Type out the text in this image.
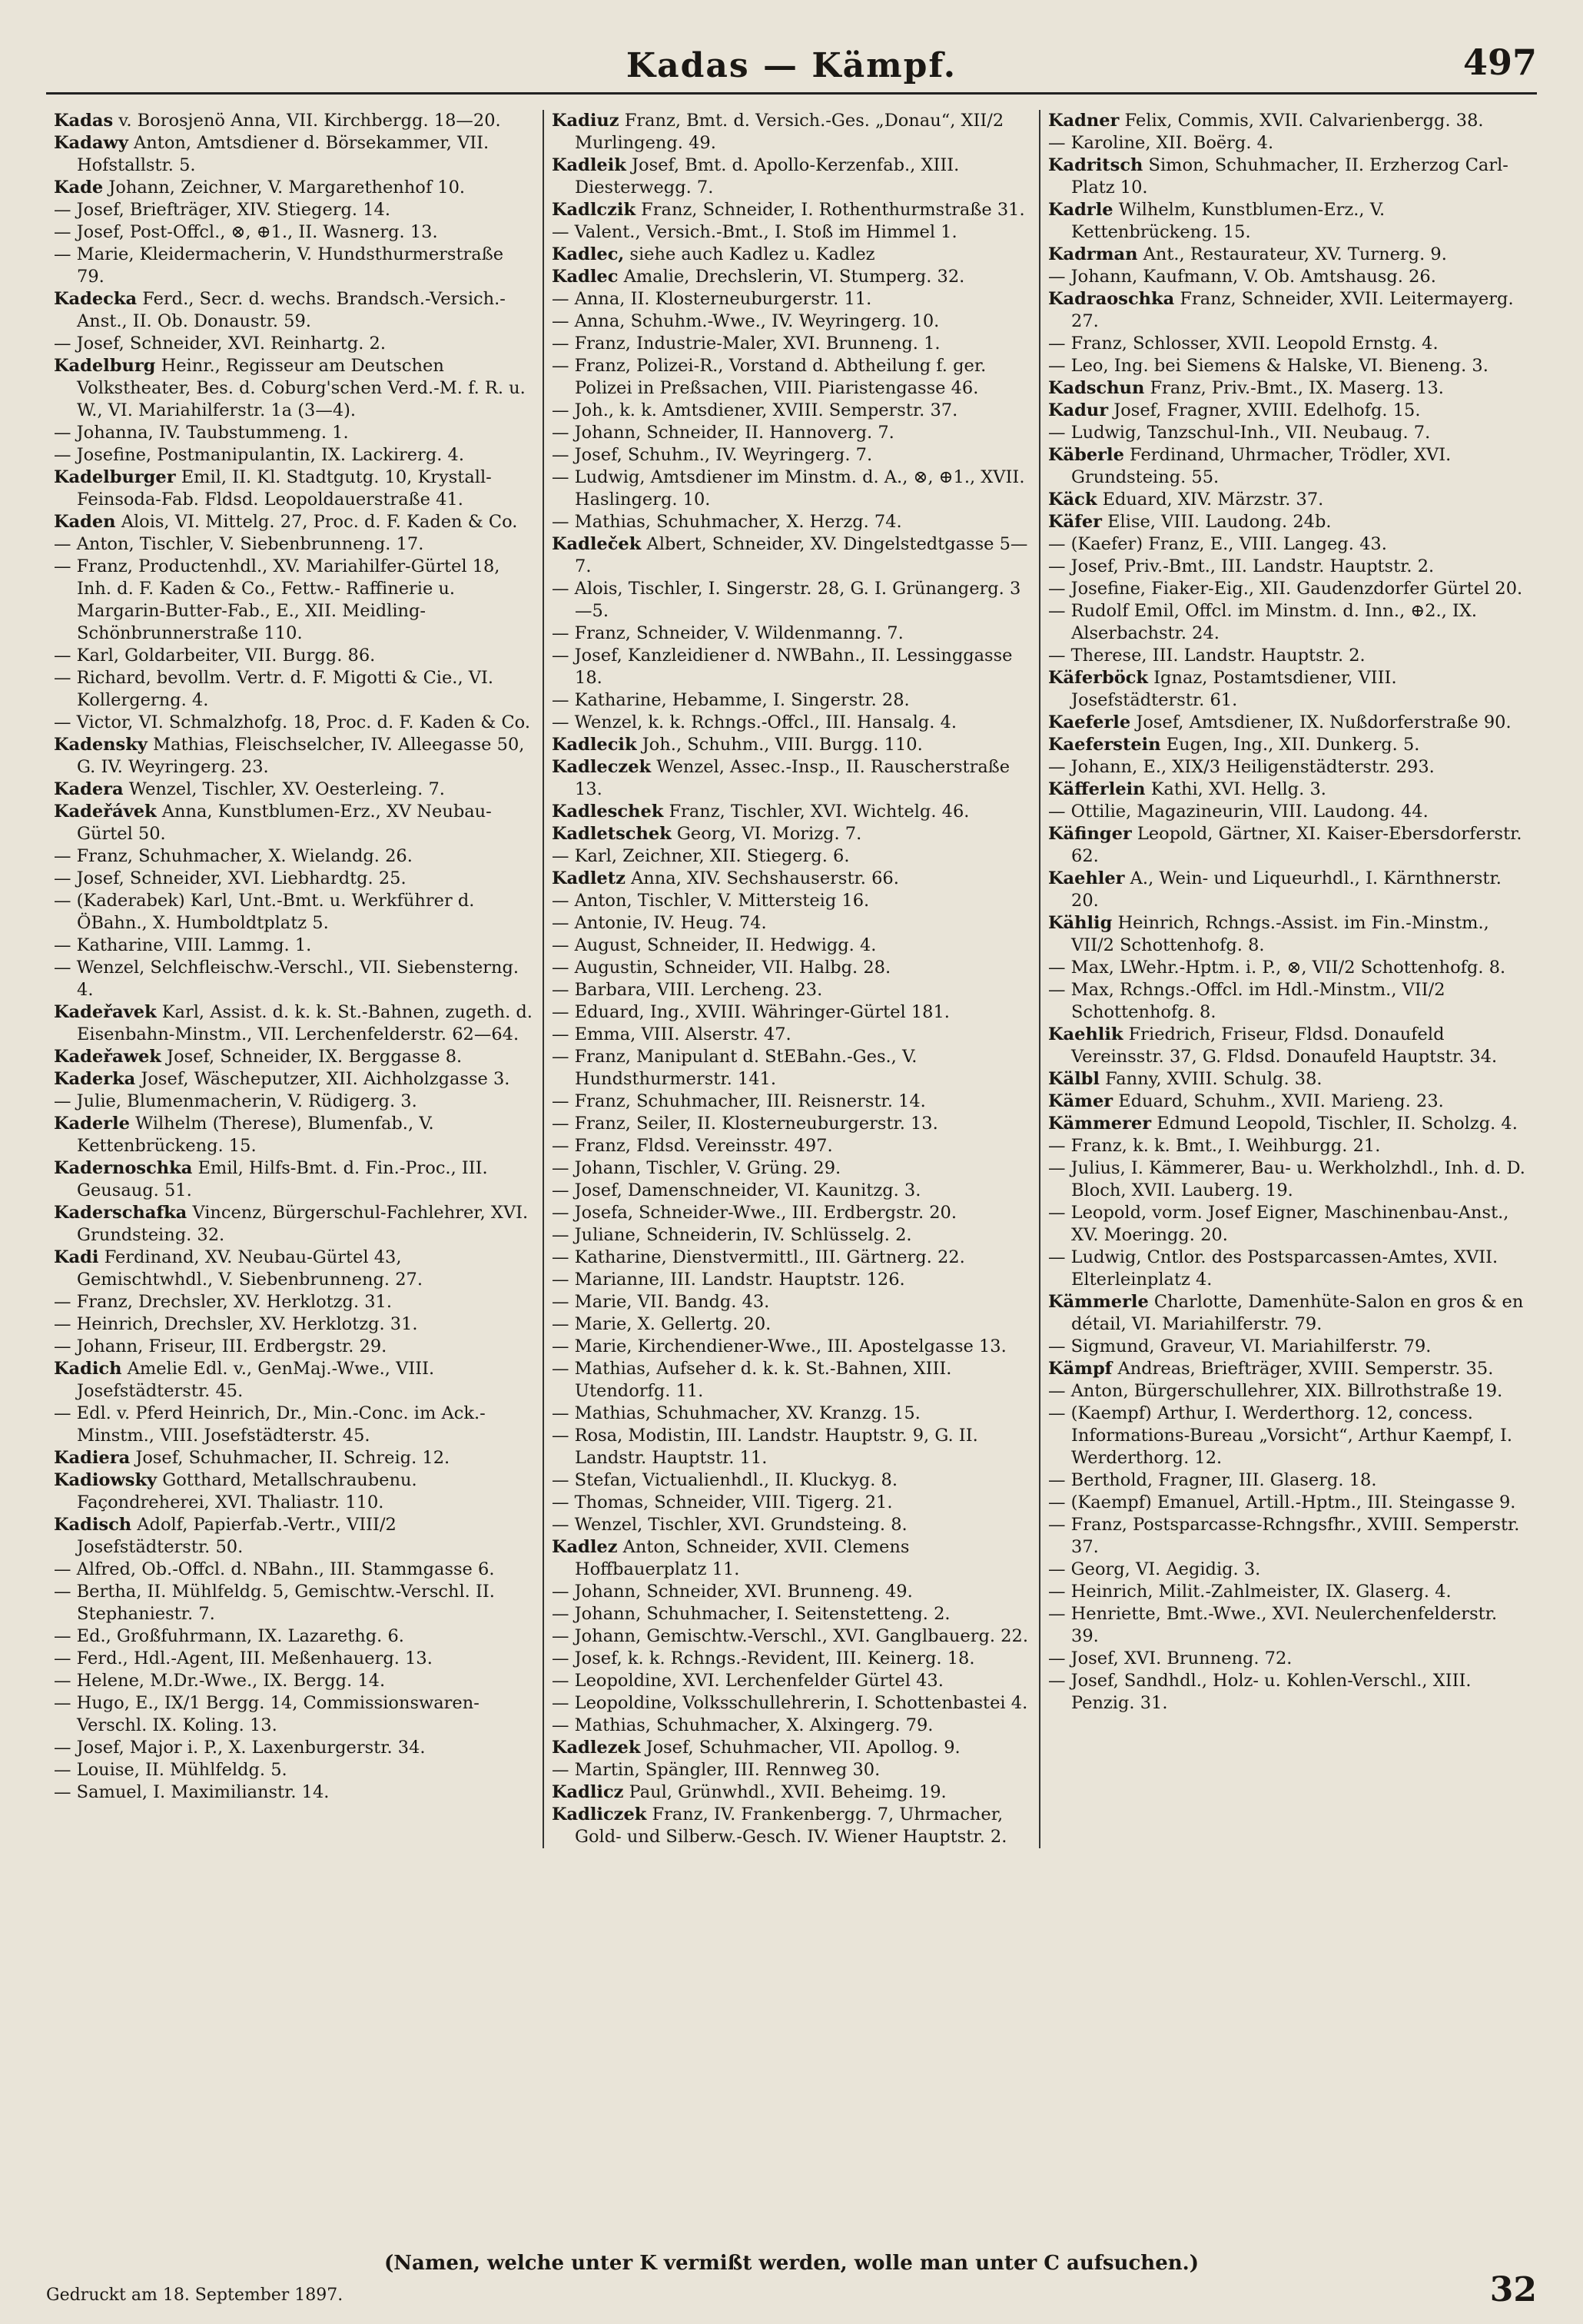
Kadas — Kämpf.	497

Kadas v. Borosjenö Anna, VII. Kirchbergg. 18—20.

Kadawy Anton, Amtsdiener d. Börsekammer, VII. Hofstallstr. 5.

Kade Johann, Zeichner, V. Margarethenhof 10.

— Josef, Briefträger, XIV. Stiegerg. 14.

— Josef, Post-Offcl., ⊗, ⊕1., II. Wasnerg. 13.

— Marie, Kleidermacherin, V. Hundsthurmerstraße 79.

Kadecka Ferd., Secr. d. wechs. Brandsch.-Versich.-Anst., II. Ob. Donaustr. 59.

— Josef, Schneider, XVI. Reinhartg. 2.

Kadelburg Heinr., Regisseur am Deutschen Volkstheater, Bes. d. Coburg'schen Verd.-M. f. R. u. W., VI. Mariahilferstr. 1a (3—4).

— Johanna, IV. Taubstummeng. 1.

— Josefine, Postmanipulantin, IX. Lackirerg. 4.

Kadelburger Emil, II. Kl. Stadtgutg. 10, Krystall-Feinsoda-Fab. Fldsd. Leopoldauerstraße 41.

Kaden Alois, VI. Mittelg. 27, Proc. d. F. Kaden & Co.

— Anton, Tischler, V. Siebenbrunneng. 17.

— Franz, Productenhdl., XV. Mariahilfer-Gürtel 18, Inh. d. F. Kaden & Co., Fettw.- Raffinerie u. Margarin-Butter-Fab., E., XII. Meidling-Schönbrunnerstraße 110.

— Karl, Goldarbeiter, VII. Burgg. 86.

— Richard, bevollm. Vertr. d. F. Migotti & Cie., VI. Kollergerng. 4.

— Victor, VI. Schmalzhofg. 18, Proc. d. F. Kaden & Co.

Kadensky Mathias, Fleischselcher, IV. Alleegasse 50, G. IV. Weyringerg. 23.

Kadera Wenzel, Tischler, XV. Oesterleing. 7.

Kadeřávek Anna, Kunstblumen-Erz., XV Neubau-Gürtel 50.

— Franz, Schuhmacher, X. Wielandg. 26.

— Josef, Schneider, XVI. Liebhardtg. 25.

— (Kaderabek) Karl, Unt.-Bmt. u. Werkführer d. ÖBahn., X. Humboldtplatz 5.

— Katharine, VIII. Lammg. 1.

— Wenzel, Selchfleischw.-Verschl., VII. Siebensterng. 4.

Kadeřavek Karl, Assist. d. k. k. St.-Bahnen, zugeth. d. Eisenbahn-Minstm., VII. Lerchenfelderstr. 62—64.

Kadeřawek Josef, Schneider, IX. Berggasse 8.

Kaderka Josef, Wäscheputzer, XII. Aichholzgasse 3.

— Julie, Blumenmacherin, V. Rüdigerg. 3.

Kaderle Wilhelm (Therese), Blumenfab., V. Kettenbrückeng. 15.

Kadernoschka Emil, Hilfs-Bmt. d. Fin.-Proc., III. Geusaug. 51.

Kaderschafka Vincenz, Bürgerschul-Fachlehrer, XVI. Grundsteing. 32.

Kadi Ferdinand, XV. Neubau-Gürtel 43, Gemischtwhdl., V. Siebenbrunneng. 27.

— Franz, Drechsler, XV. Herklotzg. 31.

— Heinrich, Drechsler, XV. Herklotzg. 31.

— Johann, Friseur, III. Erdbergstr. 29.

Kadich Amelie Edl. v., GenMaj.-Wwe., VIII. Josefstädterstr. 45.

— Edl. v. Pferd Heinrich, Dr., Min.-Conc. im Ack.-Minstm., VIII. Josefstädterstr. 45.

Kadiera Josef, Schuhmacher, II. Schreig. 12.

Kadiowsky Gotthard, Metallschraubenu. Façondreherei, XVI. Thaliastr. 110.

Kadisch Adolf, Papierfab.-Vertr., VIII/2 Josefstädterstr. 50.

— Alfred, Ob.-Offcl. d. NBahn., III. Stammgasse 6.

— Bertha, II. Mühlfeldg. 5, Gemischtw.-Verschl. II. Stephaniestr. 7.

— Ed., Großfuhrmann, IX. Lazarethg. 6.

— Ferd., Hdl.-Agent, III. Meßenhauerg. 13.

— Helene, M.Dr.-Wwe., IX. Bergg. 14.

— Hugo, E., IX/1 Bergg. 14, Commissionswaren-Verschl. IX. Koling. 13.

— Josef, Major i. P., X. Laxenburgerstr. 34.

— Louise, II. Mühlfeldg. 5.

— Samuel, I. Maximilianstr. 14.

Kadiuz Franz, Bmt. d. Versich.-Ges. „Donau“, XII/2 Murlingeng. 49.

Kadleik Josef, Bmt. d. Apollo-Kerzenfab., XIII. Diesterwegg. 7.

Kadlczik Franz, Schneider, I. Rothenthurmstraße 31.

— Valent., Versich.-Bmt., I. Stoß im Himmel 1.

Kadlec, siehe auch Kadlez u. Kadlez

Kadlec Amalie, Drechslerin, VI. Stumperg. 32.

— Anna, II. Klosterneuburgerstr. 11.

— Anna, Schuhm.-Wwe., IV. Weyringerg. 10.

— Franz, Industrie-Maler, XVI. Brunneng. 1.

— Franz, Polizei-R., Vorstand d. Abtheilung f. ger. Polizei in Preßsachen, VIII. Piaristengasse 46.

— Joh., k. k. Amtsdiener, XVIII. Semperstr. 37.

— Johann, Schneider, II. Hannoverg. 7.

— Josef, Schuhm., IV. Weyringerg. 7.

— Ludwig, Amtsdiener im Minstm. d. A., ⊗, ⊕1., XVII. Haslingerg. 10.

— Mathias, Schuhmacher, X. Herzg. 74.

Kadleček Albert, Schneider, XV. Dingelstedtgasse 5—7.

— Alois, Tischler, I. Singerstr. 28, G. I. Grünangerg. 3—5.

— Franz, Schneider, V. Wildenmanng. 7.

— Josef, Kanzleidiener d. NWBahn., II. Lessinggasse 18.

— Katharine, Hebamme, I. Singerstr. 28.

— Wenzel, k. k. Rchngs.-Offcl., III. Hansalg. 4.

Kadlecik Joh., Schuhm., VIII. Burgg. 110.

Kadleczek Wenzel, Assec.-Insp., II. Rauscherstraße 13.

Kadleschek Franz, Tischler, XVI. Wichtelg. 46.

Kadletschek Georg, VI. Morizg. 7.

— Karl, Zeichner, XII. Stiegerg. 6.

Kadletz Anna, XIV. Sechshauserstr. 66.

— Anton, Tischler, V. Mittersteig 16.

— Antonie, IV. Heug. 74.

— August, Schneider, II. Hedwigg. 4.

— Augustin, Schneider, VII. Halbg. 28.

— Barbara, VIII. Lercheng. 23.

— Eduard, Ing., XVIII. Währinger-Gürtel 181.

— Emma, VIII. Alserstr. 47.

— Franz, Manipulant d. StEBahn.-Ges., V. Hundsthurmerstr. 141.

— Franz, Schuhmacher, III. Reisnerstr. 14.

— Franz, Seiler, II. Klosterneuburgerstr. 13.

— Franz, Fldsd. Vereinsstr. 497.

— Johann, Tischler, V. Grüng. 29.

— Josef, Damenschneider, VI. Kaunitzg. 3.

— Josefa, Schneider-Wwe., III. Erdbergstr. 20.

— Juliane, Schneiderin, IV. Schlüsselg. 2.

— Katharine, Dienstvermittl., III. Gärtnerg. 22.

— Marianne, III. Landstr. Hauptstr. 126.

— Marie, VII. Bandg. 43.

— Marie, X. Gellertg. 20.

— Marie, Kirchendiener-Wwe., III. Apostelgasse 13.

— Mathias, Aufseher d. k. k. St.-Bahnen, XIII. Utendorfg. 11.

— Mathias, Schuhmacher, XV. Kranzg. 15.

— Rosa, Modistin, III. Landstr. Hauptstr. 9, G. II. Landstr. Hauptstr. 11.

— Stefan, Victualienhdl., II. Kluckyg. 8.

— Thomas, Schneider, VIII. Tigerg. 21.

— Wenzel, Tischler, XVI. Grundsteing. 8.

Kadlez Anton, Schneider, XVII. Clemens Hoffbauerplatz 11.

— Johann, Schneider, XVI. Brunneng. 49.

— Johann, Schuhmacher, I. Seitenstetteng. 2.

— Johann, Gemischtw.-Verschl., XVI. Ganglbauerg. 22.

— Josef, k. k. Rchngs.-Revident, III. Keinerg. 18.

— Leopoldine, XVI. Lerchenfelder Gürtel 43.

— Leopoldine, Volksschullehrerin, I. Schottenbastei 4.

— Mathias, Schuhmacher, X. Alxingerg. 79.

Kadlezek Josef, Schuhmacher, VII. Apollog. 9.

— Martin, Spängler, III. Rennweg 30.

Kadlicz Paul, Grünwhdl., XVII. Beheimg. 19.

Kadliczek Franz, IV. Frankenbergg. 7, Uhrmacher, Gold- und Silberw.-Gesch. IV. Wiener Hauptstr. 2.

Kadner Felix, Commis, XVII. Calvarienbergg. 38.

— Karoline, XII. Boërg. 4.

Kadritsch Simon, Schuhmacher, II. Erzherzog Carl-Platz 10.

Kadrle Wilhelm, Kunstblumen-Erz., V. Kettenbrückeng. 15.

Kadrman Ant., Restaurateur, XV. Turnerg. 9.

— Johann, Kaufmann, V. Ob. Amtshausg. 26.

Kadraoschka Franz, Schneider, XVII. Leitermayerg. 27.

— Franz, Schlosser, XVII. Leopold Ernstg. 4.

— Leo, Ing. bei Siemens & Halske, VI. Bieneng. 3.

Kadschun Franz, Priv.-Bmt., IX. Maserg. 13.

Kadur Josef, Fragner, XVIII. Edelhofg. 15.

— Ludwig, Tanzschul-Inh., VII. Neubaug. 7.

Käberle Ferdinand, Uhrmacher, Trödler, XVI. Grundsteing. 55.

Käck Eduard, XIV. Märzstr. 37.

Käfer Elise, VIII. Laudong. 24b.

— (Kaefer) Franz, E., VIII. Langeg. 43.

— Josef, Priv.-Bmt., III. Landstr. Hauptstr. 2.

— Josefine, Fiaker-Eig., XII. Gaudenzdorfer Gürtel 20.

— Rudolf Emil, Offcl. im Minstm. d. Inn., ⊕2., IX. Alserbachstr. 24.

— Therese, III. Landstr. Hauptstr. 2.

Käferböck Ignaz, Postamtsdiener, VIII. Josefstädterstr. 61.

Kaeferle Josef, Amtsdiener, IX. Nußdorferstraße 90.

Kaeferstein Eugen, Ing., XII. Dunkerg. 5.

— Johann, E., XIX/3 Heiligenstädterstr. 293.

Käfferlein Kathi, XVI. Hellg. 3.

— Ottilie, Magazineurin, VIII. Laudong. 44.

Käfinger Leopold, Gärtner, XI. Kaiser-Ebersdorferstr. 62.

Kaehler A., Wein- und Liqueurhdl., I. Kärnthnerstr. 20.

Kählig Heinrich, Rchngs.-Assist. im Fin.-Minstm., VII/2 Schottenhofg. 8.

— Max, LWehr.-Hptm. i. P., ⊗, VII/2 Schottenhofg. 8.

— Max, Rchngs.-Offcl. im Hdl.-Minstm., VII/2 Schottenhofg. 8.

Kaehlik Friedrich, Friseur, Fldsd. Donaufeld Vereinsstr. 37, G. Fldsd. Donaufeld Hauptstr. 34.

Kälbl Fanny, XVIII. Schulg. 38.

Kämer Eduard, Schuhm., XVII. Marieng. 23.

Kämmerer Edmund Leopold, Tischler, II. Scholzg. 4.

— Franz, k. k. Bmt., I. Weihburgg. 21.

— Julius, I. Kämmerer, Bau- u. Werkholzhdl., Inh. d. D. Bloch, XVII. Lauberg. 19.

— Leopold, vorm. Josef Eigner, Maschinenbau-Anst., XV. Moeringg. 20.

— Ludwig, Cntlor. des Postsparcassen-Amtes, XVII. Elterleinplatz 4.

Kämmerle Charlotte, Damenhüte-Salon en gros & en détail, VI. Mariahilferstr. 79.

— Sigmund, Graveur, VI. Mariahilferstr. 79.

Kämpf Andreas, Briefträger, XVIII. Semperstr. 35.

— Anton, Bürgerschullehrer, XIX. Billrothstraße 19.

— (Kaempf) Arthur, I. Werderthorg. 12, concess. Informations-Bureau „Vorsicht“, Arthur Kaempf, I. Werderthorg. 12.

— Berthold, Fragner, III. Glaserg. 18.

— (Kaempf) Emanuel, Artill.-Hptm., III. Steingasse 9.

— Franz, Postsparcasse-Rchngsfhr., XVIII. Semperstr. 37.

— Georg, VI. Aegidig. 3.

— Heinrich, Milit.-Zahlmeister, IX. Glaserg. 4.

— Henriette, Bmt.-Wwe., XVI. Neulerchenfelderstr. 39.

— Josef, XVI. Brunneng. 72.

— Josef, Sandhdl., Holz- u. Kohlen-Verschl., XIII. Penzig. 31.

(Namen, welche unter K vermißt werden, wolle man unter C aufsuchen.)
Gedruckt am 18. September 1897.	32
